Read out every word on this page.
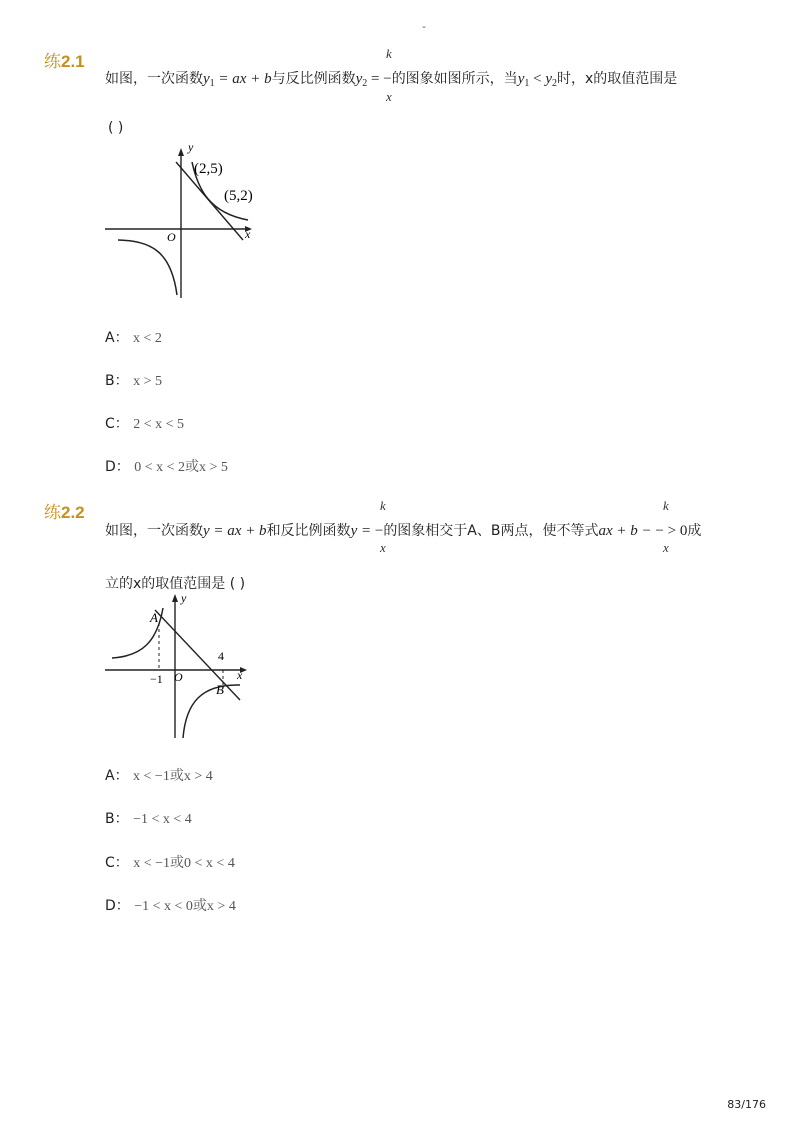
-
练2.1	k
x
如图，一次函数$y_1$ = ax + b与反比例函数$y_2$ = −的图象如图所示，当$y_1 < y_2$时，x的取值范围是
( )
y
x
O
(2,5)
(5,2)
A： x < 2
B： x > 5
C： 2 < x < 5
D： 0 < x < 2或x > 5
练2.2	k
x
k
x
如图，一次函数y = ax + b和反比例函数y = −的图象相交于A、B两点，使不等式ax + b − − > 0成
立的x的取值范围是 ( )
y
x
O
A
B
−1
4
A： x < −1或x > 4
B： −1 < x < 4
C： x < −1或0 < x < 4
D： −1 < x < 0或x > 4
83/176
